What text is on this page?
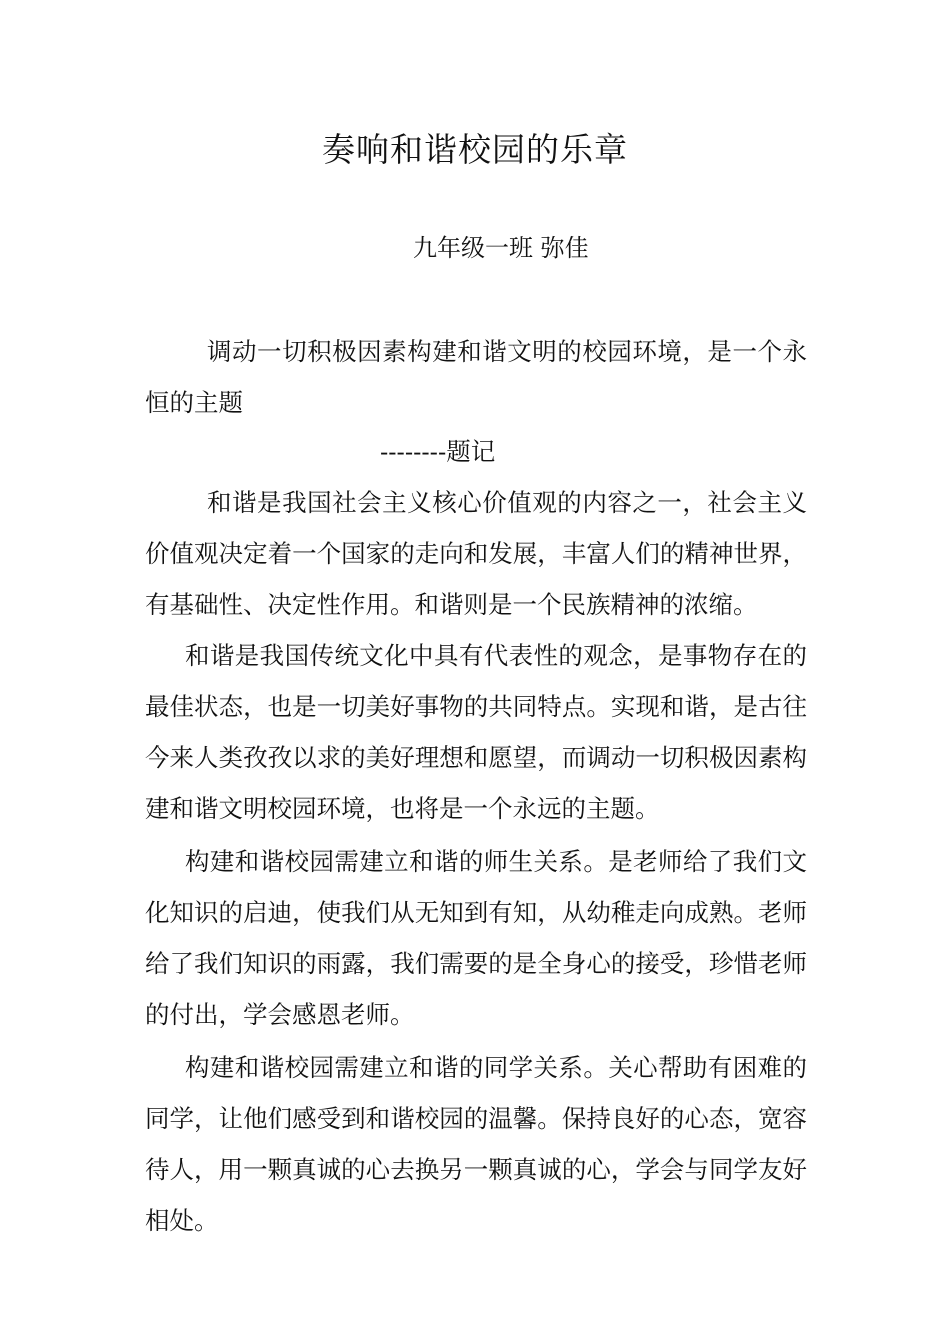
奏响和谐校园的乐章
九年级一班 弥佳

调动一切积极因素构建和谐文明的校园环境，是一个永恒的主题

--------题记

和谐是我国社会主义核心价值观的内容之一，社会主义价值观决定着一个国家的走向和发展，丰富人们的精神世界，有基础性、决定性作用。和谐则是一个民族精神的浓缩。

和谐是我国传统文化中具有代表性的观念，是事物存在的最佳状态，也是一切美好事物的共同特点。实现和谐，是古往今来人类孜孜以求的美好理想和愿望，而调动一切积极因素构建和谐文明校园环境，也将是一个永远的主题。

构建和谐校园需建立和谐的师生关系。是老师给了我们文化知识的启迪，使我们从无知到有知，从幼稚走向成熟。老师给了我们知识的雨露，我们需要的是全身心的接受，珍惜老师的付出，学会感恩老师。

构建和谐校园需建立和谐的同学关系。关心帮助有困难的同学，让他们感受到和谐校园的温馨。保持良好的心态，宽容待人，用一颗真诚的心去换另一颗真诚的心，学会与同学友好相处。
